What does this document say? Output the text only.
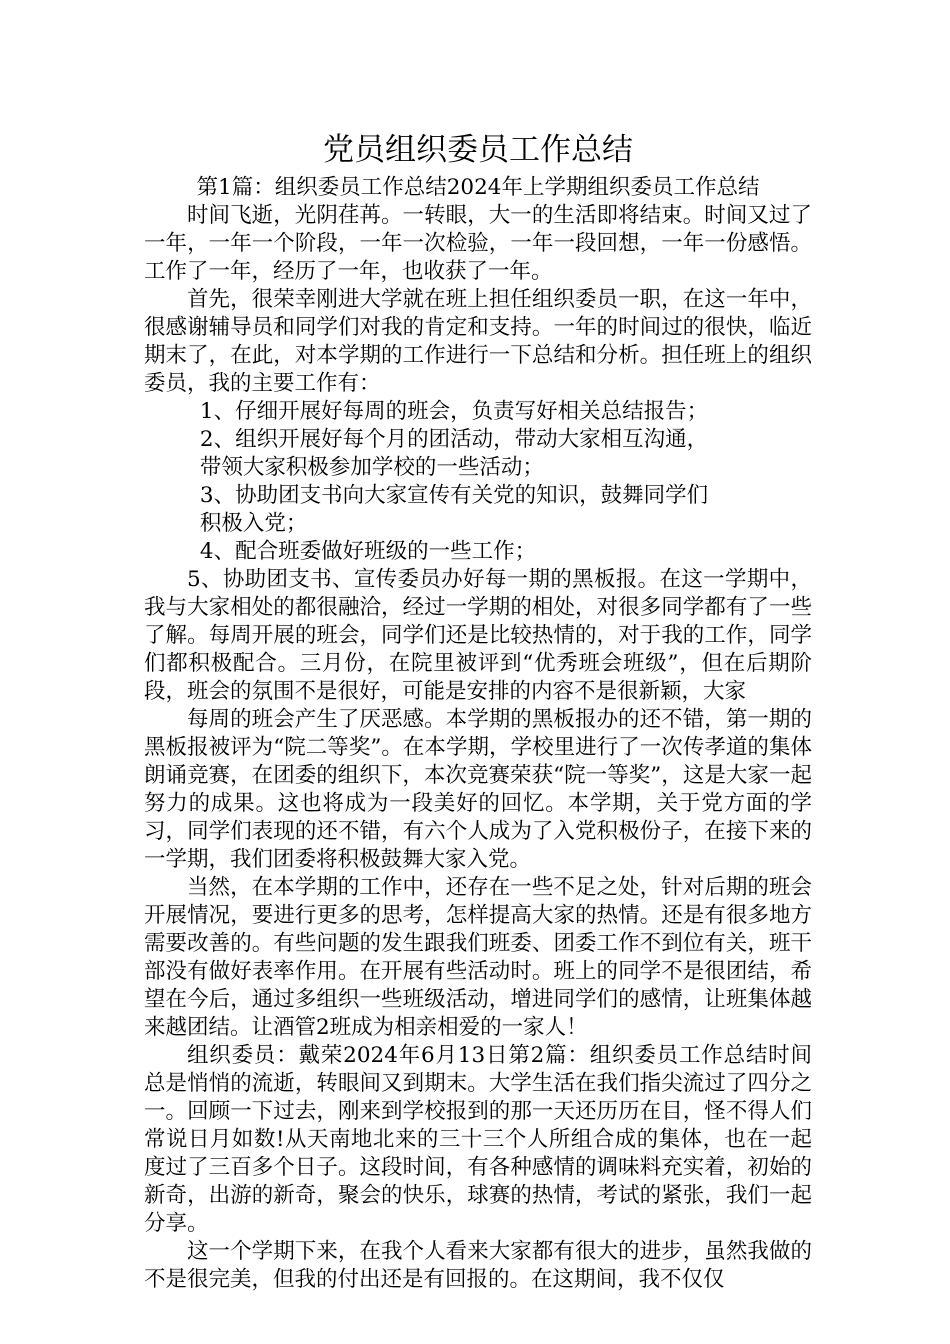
党员组织委员工作总结
第1篇：组织委员工作总结2024年上学期组织委员工作总结

时间飞逝，光阴荏苒。一转眼，大一的生活即将结束。时间又过了一年，一年一个阶段，一年一次检验，一年一段回想，一年一份感悟。工作了一年，经历了一年，也收获了一年。

首先，很荣幸刚进大学就在班上担任组织委员一职，在这一年中，很感谢辅导员和同学们对我的肯定和支持。一年的时间过的很快，临近期末了，在此，对本学期的工作进行一下总结和分析。担任班上的组织委员，我的主要工作有：

1、仔细开展好每周的班会，负责写好相关总结报告；

2、组织开展好每个月的团活动，带动大家相互沟通，

带领大家积极参加学校的一些活动；

3、协助团支书向大家宣传有关党的知识，鼓舞同学们

积极入党；

4、配合班委做好班级的一些工作；

5、协助团支书、宣传委员办好每一期的黑板报。在这一学期中，我与大家相处的都很融洽，经过一学期的相处，对很多同学都有了一些了解。每周开展的班会，同学们还是比较热情的，对于我的工作，同学们都积极配合。三月份，在院里被评到“优秀班会班级”，但在后期阶段，班会的氛围不是很好，可能是安排的内容不是很新颖，大家

每周的班会产生了厌恶感。本学期的黑板报办的还不错，第一期的黑板报被评为“院二等奖”。在本学期，学校里进行了一次传孝道的集体朗诵竞赛，在团委的组织下，本次竞赛荣获“院一等奖”，这是大家一起努力的成果。这也将成为一段美好的回忆。本学期，关于党方面的学习，同学们表现的还不错，有六个人成为了入党积极份子，在接下来的一学期，我们团委将积极鼓舞大家入党。

当然，在本学期的工作中，还存在一些不足之处，针对后期的班会开展情况，要进行更多的思考，怎样提高大家的热情。还是有很多地方需要改善的。有些问题的发生跟我们班委、团委工作不到位有关，班干部没有做好表率作用。在开展有些活动时。班上的同学不是很团结，希望在今后，通过多组织一些班级活动，增进同学们的感情，让班集体越来越团结。让酒管2班成为相亲相爱的一家人！

组织委员：戴荣2024年6月13日第2篇：组织委员工作总结时间总是悄悄的流逝，转眼间又到期末。大学生活在我们指尖流过了四分之一。回顾一下过去，刚来到学校报到的那一天还历历在目，怪不得人们常说日月如数!从天南地北来的三十三个人所组合成的集体，也在一起度过了三百多个日子。这段时间，有各种感情的调味料充实着，初始的新奇，出游的新奇，聚会的快乐，球赛的热情，考试的紧张，我们一起分享。

这一个学期下来，在我个人看来大家都有很大的进步，虽然我做的不是很完美，但我的付出还是有回报的。在这期间，我不仅仅
